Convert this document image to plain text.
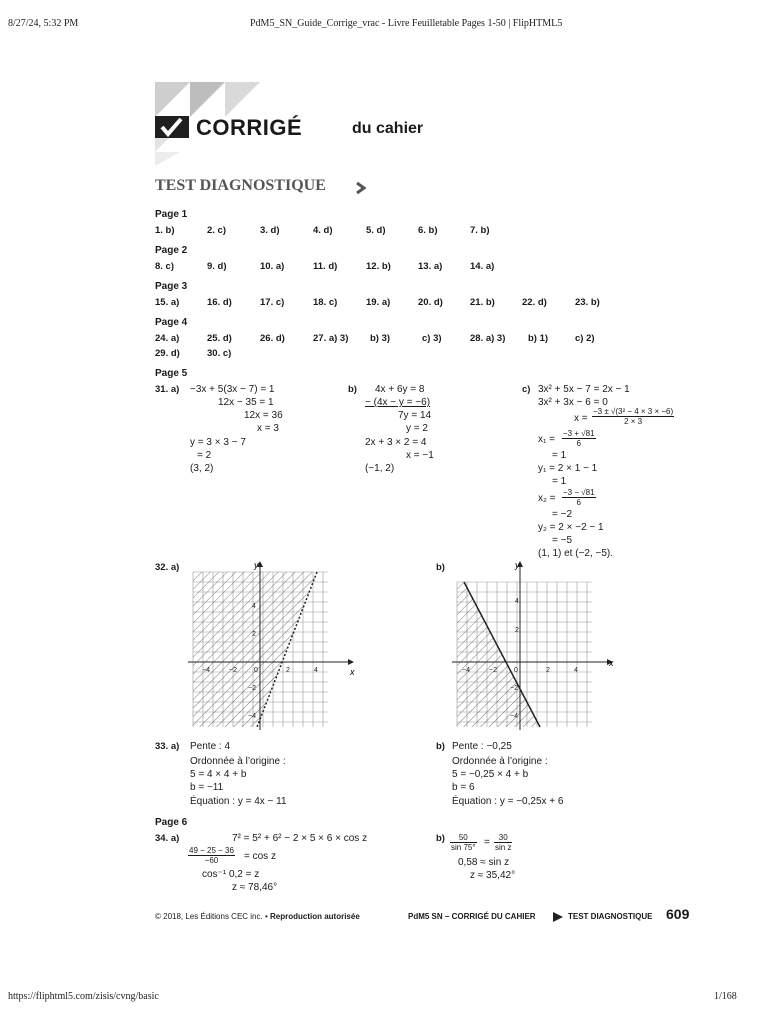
8/27/24, 5:32 PM	PdM5_SN_Guide_Corrige_vrac - Livre Feuilletable Pages 1-50 | FlipHTML5
https://fliphtml5.com/zisis/cvng/basic	1/168
CORRIGÉ	du cahier
TEST DIAGNOSTIQUE
Page 1
1. b)	2. c)	3. d)	4. d)	5. d)	6. b)	7. b)
Page 2
8. c)	9. d)	10. a)	11. d)	12. b)	13. a)	14. a)
Page 3
15. a)	16. d)	17. c)	18. c)	19. a)	20. d)	21. b)	22. d)	23. b)
Page 4
24. a)	25. d)	26. d)	27. a) 3) b) 3)	c) 3)	28. a) 3) b) 1)	c) 2)
29. d)	30. c)
Page 5
31. a) −3x + 5(3x − 7) = 1
12x − 35 = 1
12x = 36
x = 3
y = 3 × 3 − 7
= 2
(3, 2)
b) 4x + 6y = 8
− (4x − y = −6)
7y = 14
y = 2
2x + 3 × 2 = 4
x = −1
(−1, 2)
c) 3x² + 5x − 7 = 2x − 1
3x² + 3x − 6 = 0
$x = \frac{\text{−3 ± √(3² − 4 × 3 × −6)}}{2 \times 3}$
$x_1 = \frac{-3 + √81}{6}$
= 1
y₁ = 2 × 1 − 1
= 1
$x_2 = \frac{-3 - √81}{6}$
= −2
y₂ = 2 × −2 − 1
= −5
(1, 1) et (−2, −5).
32. a)	b)
x
y
−4	−2 0	2	4
4
2
−2
−4
x
y
−4	−2 0	2	4
4
2
−2
−4
33. a) Pente : 4
Ordonnée à l’origine :
5 = 4 × 4 + b
b = −11
Équation : y = 4x − 11
b) Pente : −0,25
Ordonnée à l’origine :
5 = −0,25 × 4 + b
b = 6
Équation : y = −0,25x + 6
Page 6
34. a)	7² = 5² + 6² − 2 × 5 × 6 × cos z
$\frac{49 - 25 - 36}{-60} = \cos z$
cos⁻¹ 0,2 = z
z ≈ 78,46°
$b) \frac{50}{\sin 75^\circ} = \frac{30}{\text{sin z}}$
0,58 ≈ sin z
z ≈ 35,42°
© 2018, Les Éditions CEC inc. • Reproduction autorisée	PdM5 SN – CORRIGÉ DU CAHIER	TEST DIAGNOSTIQUE 609
